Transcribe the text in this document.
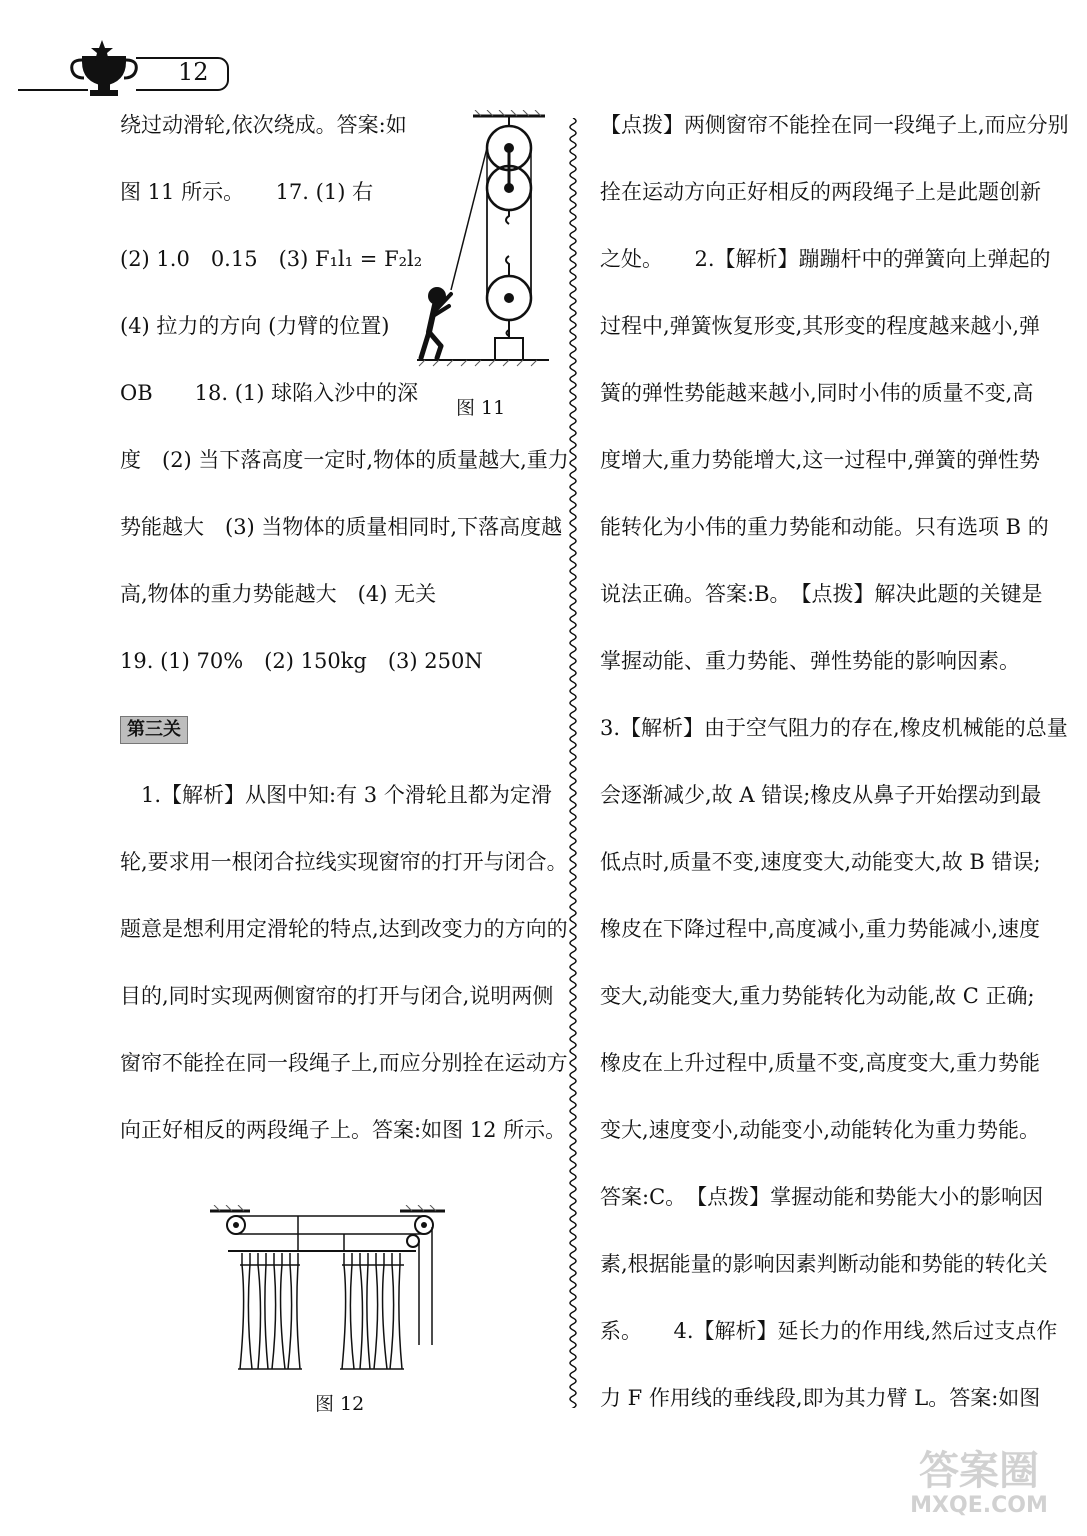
12

绕过动滑轮,依次绕成。答案:如

图 11 所示。　　17. (1) 右

(2) 1.0　0.15　(3) F₁l₁ = F₂l₂

(4) 拉力的方向 (力臂的位置)

OB　　18. (1) 球陷入沙中的深

度　(2) 当下落高度一定时,物体的质量越大,重力

势能越大　(3) 当物体的质量相同时,下落高度越

高,物体的重力势能越大　(4) 无关

19. (1) 70%　(2) 150kg　(3) 250N

第三关

　1.【解析】从图中知:有 3 个滑轮且都为定滑

轮,要求用一根闭合拉线实现窗帘的打开与闭合。

题意是想利用定滑轮的特点,达到改变力的方向的

目的,同时实现两侧窗帘的打开与闭合,说明两侧

窗帘不能拴在同一段绳子上,而应分别拴在运动方

向正好相反的两段绳子上。答案:如图 12 所示。

图 11
图 12

【点拨】两侧窗帘不能拴在同一段绳子上,而应分别

拴在运动方向正好相反的两段绳子上是此题创新

之处。　　2.【解析】蹦蹦杆中的弹簧向上弹起的

过程中,弹簧恢复形变,其形变的程度越来越小,弹

簧的弹性势能越来越小,同时小伟的质量不变,高

度增大,重力势能增大,这一过程中,弹簧的弹性势

能转化为小伟的重力势能和动能。只有选项 B 的

说法正确。答案:B。　【点拨】解决此题的关键是

掌握动能、重力势能、弹性势能的影响因素。

3.【解析】由于空气阻力的存在,橡皮机械能的总量

会逐渐减少,故 A 错误;橡皮从鼻子开始摆动到最

低点时,质量不变,速度变大,动能变大,故 B 错误;

橡皮在下降过程中,高度减小,重力势能减小,速度

变大,动能变大,重力势能转化为动能,故 C 正确;

橡皮在上升过程中,质量不变,高度变大,重力势能

变大,速度变小,动能变小,动能转化为重力势能。

答案:C。　【点拨】掌握动能和势能大小的影响因

素,根据能量的影响因素判断动能和势能的转化关

系。　　4.【解析】延长力的作用线,然后过支点作

力 F 作用线的垂线段,即为其力臂 L。答案:如图

答案圈
MXQE.COM
